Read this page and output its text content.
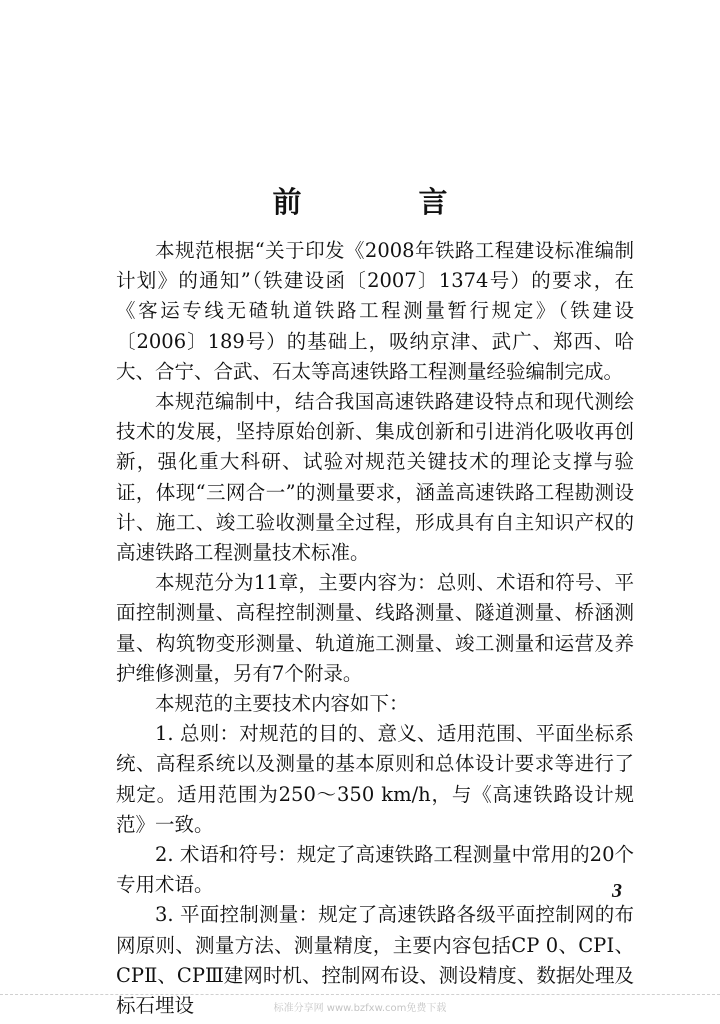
前　言

本规范根据“关于印发《2008年铁路工程建设标准编制计划》的通知”（铁建设函〔2007〕1374号）的要求，在《客运专线无碴轨道铁路工程测量暂行规定》（铁建设〔2006〕189号）的基础上，吸纳京津、武广、郑西、哈大、合宁、合武、石太等高速铁路工程测量经验编制完成。

本规范编制中，结合我国高速铁路建设特点和现代测绘技术的发展，坚持原始创新、集成创新和引进消化吸收再创新，强化重大科研、试验对规范关键技术的理论支撑与验证，体现“三网合一”的测量要求，涵盖高速铁路工程勘测设计、施工、竣工验收测量全过程，形成具有自主知识产权的高速铁路工程测量技术标准。

本规范分为11章，主要内容为：总则、术语和符号、平面控制测量、高程控制测量、线路测量、隧道测量、桥涵测量、构筑物变形测量、轨道施工测量、竣工测量和运营及养护维修测量，另有7个附录。

本规范的主要技术内容如下：

1. 总则：对规范的目的、意义、适用范围、平面坐标系统、高程系统以及测量的基本原则和总体设计要求等进行了规定。适用范围为250～350 km/h，与《高速铁路设计规范》一致。

2. 术语和符号：规定了高速铁路工程测量中常用的20个专用术语。

3. 平面控制测量：规定了高速铁路各级平面控制网的布网原则、测量方法、测量精度，主要内容包括CP 0、CPⅠ、CPⅡ、CPⅢ建网时机、控制网布设、测设精度、数据处理及标石埋设

3
标准分享网 www.bzfxw.com免费下载
